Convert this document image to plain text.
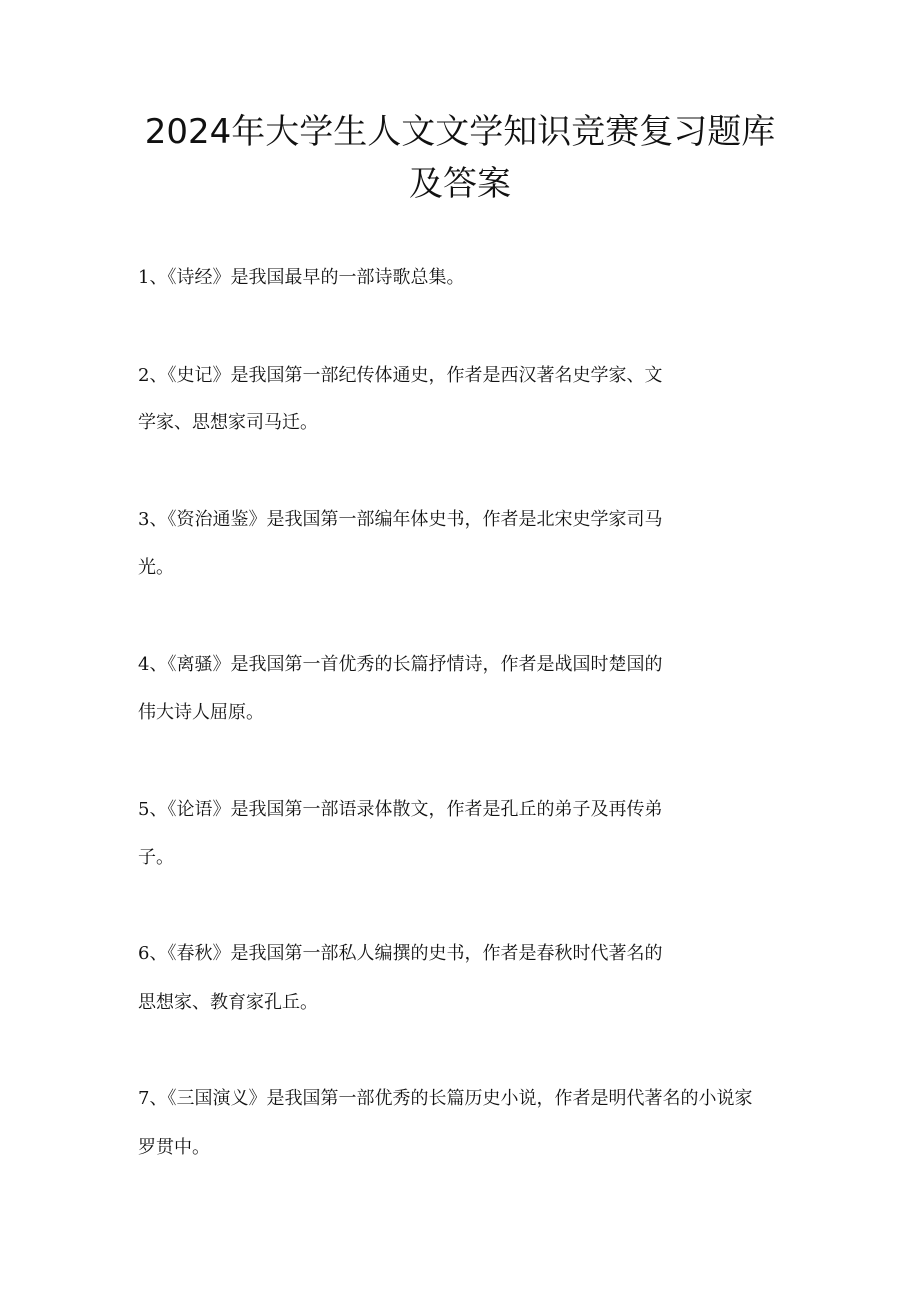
2024年大学生人文文学知识竞赛复习题库
及答案

1、《诗经》是我国最早的一部诗歌总集。

2、《史记》是我国第一部纪传体通史，作者是西汉著名史学家、文

学家、思想家司马迁。

3、《资治通鉴》是我国第一部编年体史书，作者是北宋史学家司马

光。

4、《离骚》是我国第一首优秀的长篇抒情诗，作者是战国时楚国的

伟大诗人屈原。

5、《论语》是我国第一部语录体散文，作者是孔丘的弟子及再传弟

子。

6、《春秋》是我国第一部私人编撰的史书，作者是春秋时代著名的

思想家、教育家孔丘。

7、《三国演义》是我国第一部优秀的长篇历史小说，作者是明代著名的小说家

罗贯中。
